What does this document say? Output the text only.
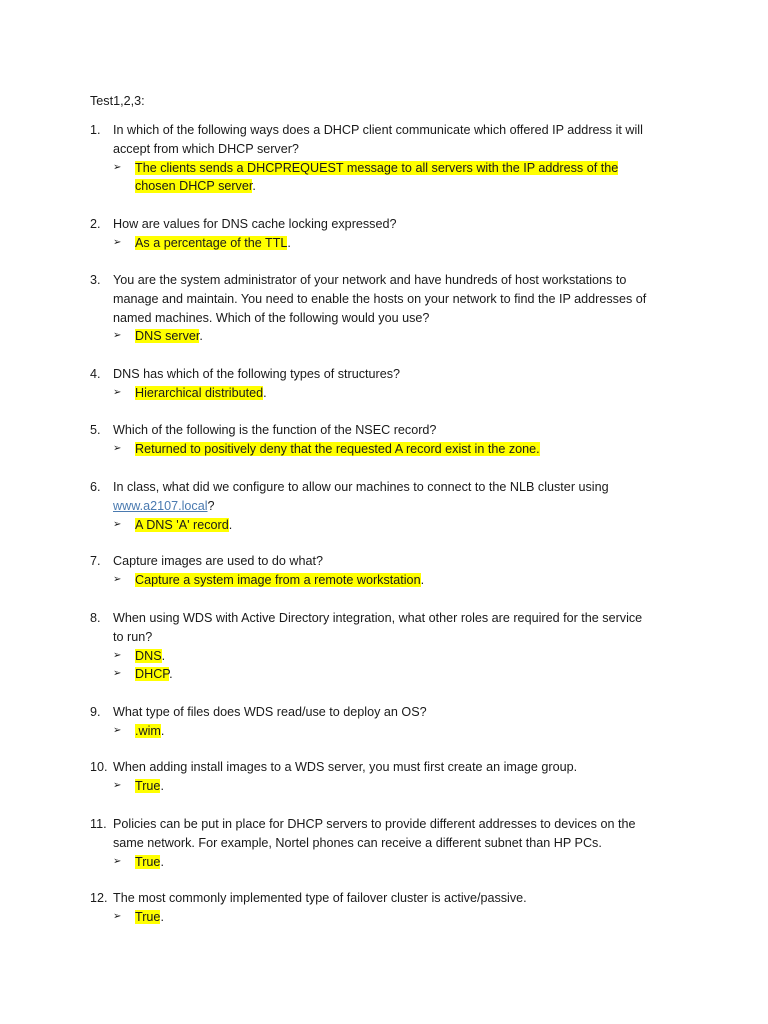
Test1,2,3:
1. In which of the following ways does a DHCP client communicate which offered IP address it will
accept from which DHCP server?
➢	The clients sends a DHCPREQUEST message to all servers with the IP address of the
chosen DHCP server.
2. How are values for DNS cache locking expressed?
➢	As a percentage of the TTL.
3. You are the system administrator of your network and have hundreds of host workstations to
manage and maintain. You need to enable the hosts on your network to find the IP addresses of
named machines. Which of the following would you use?
➢	DNS server.
4. DNS has which of the following types of structures?
➢	Hierarchical distributed.
5. Which of the following is the function of the NSEC record?
➢	Returned to positively deny that the requested A record exist in the zone.
6. In class, what did we configure to allow our machines to connect to the NLB cluster using
www.a2107.local?
➢	A DNS 'A' record.
7. Capture images are used to do what?
➢	Capture a system image from a remote workstation.
8. When using WDS with Active Directory integration, what other roles are required for the service
to run?
➢	DNS.
➢	DHCP.
9. What type of files does WDS read/use to deploy an OS?
➢	.wim.
10. When adding install images to a WDS server, you must first create an image group.
➢	True.
11. Policies can be put in place for DHCP servers to provide different addresses to devices on the
same network. For example, Nortel phones can receive a different subnet than HP PCs.
➢	True.
12. The most commonly implemented type of failover cluster is active/passive.
➢	True.
